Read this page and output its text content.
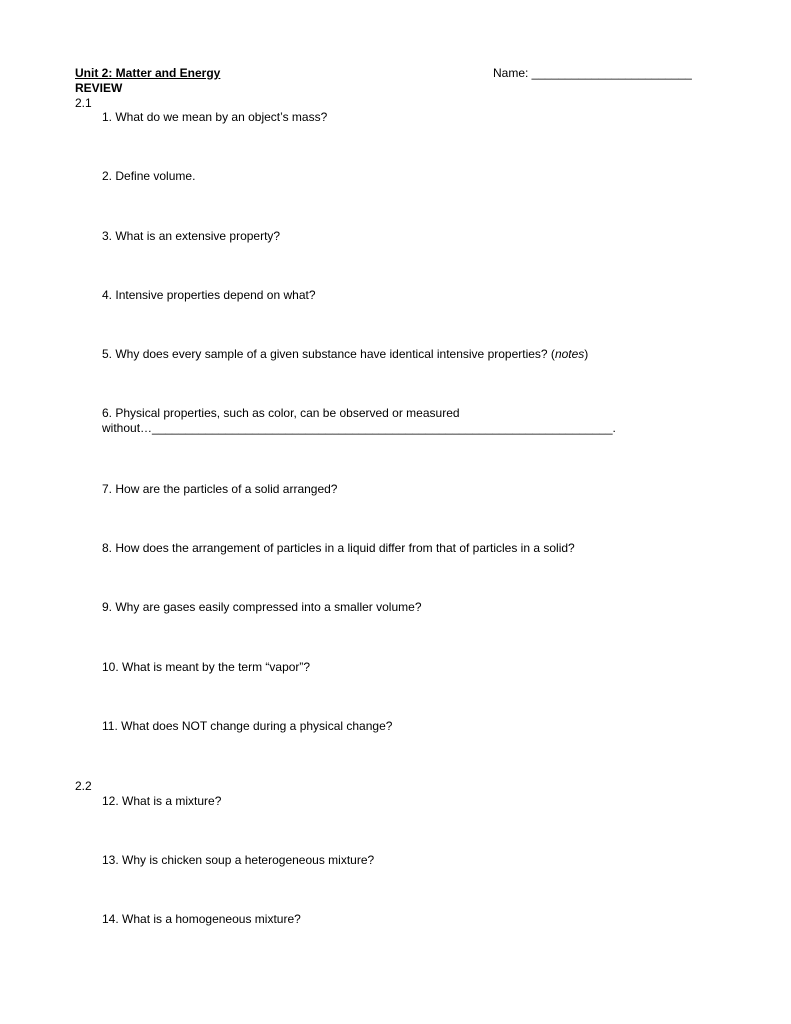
Unit 2: Matter and Energy	Name: ________________________
REVIEW
2.1
1. What do we mean by an object’s mass?
2. Define volume.
3. What is an extensive property?
4. Intensive properties depend on what?
5. Why does every sample of a given substance have identical intensive properties? (notes)
6. Physical properties, such as color, can be observed or measured
without…_____________________________________________________________________.
7. How are the particles of a solid arranged?
8. How does the arrangement of particles in a liquid differ from that of particles in a solid?
9. Why are gases easily compressed into a smaller volume?
10. What is meant by the term “vapor”?
11. What does NOT change during a physical change?
2.2
12. What is a mixture?
13. Why is chicken soup a heterogeneous mixture?
14. What is a homogeneous mixture?
